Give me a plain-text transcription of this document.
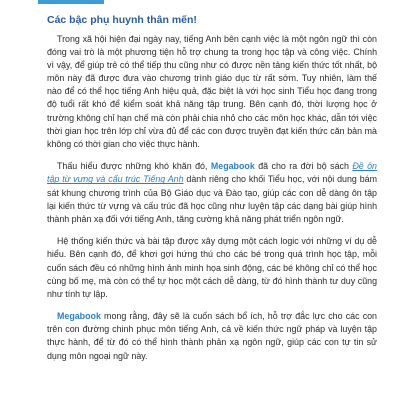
Các bậc phụ huynh thân mến!

Trong xã hội hiện đại ngày nay, tiếng Anh bên cạnh việc là một ngôn ngữ thì còn đóng vai trò là một phương tiện hỗ trợ chung ta trong học tập và công việc. Chính vì vậy, để giúp trẻ có thể tiếp thu cũng như có được nền tảng kiến thức tốt nhất, bộ môn này đã được đưa vào chương trình giáo dục từ rất sớm. Tuy nhiên, làm thế nào để có thể học tiếng Anh hiệu quả, đặc biệt là với học sinh Tiểu học đang trong độ tuổi rất khó để kiểm soát khả năng tập trung. Bên cạnh đó, thời lượng học ở trường không chỉ hạn chế mà còn phải chia nhỏ cho các môn học khác, dẫn tới việc thời gian học trên lớp chỉ vừa đủ để các con được truyền đạt kiến thức căn bản mà không có thời gian cho việc thực hành.

Thấu hiểu được những khó khăn đó, Megabook đã cho ra đời bộ sách Đề ôn tập từ vựng và cấu trúc Tiếng Anh dành riêng cho khối Tiểu học, với nội dung bám sát khung chương trình của Bộ Giáo dục và Đào tạo, giúp các con dễ dàng ôn tập lại kiến thức từ vựng và cấu trúc đã học cũng như luyện tập các dạng bài giúp hình thành phản xạ đối với tiếng Anh, tăng cường khả năng phát triển ngôn ngữ.

Hệ thống kiến thức và bài tập được xây dựng một cách logic với những ví dụ dễ hiểu. Bên cạnh đó, để khơi gợi hứng thú cho các bé trong quá trình học tập, mỗi cuốn sách đều có những hình ảnh minh họa sinh động, các bé không chỉ có thể học cùng bố mẹ, mà còn có thể tự học một cách dễ dàng, từ đó hình thành tư duy cũng như tính tự lập.

Megabook mong rằng, đây sẽ là cuốn sách bổ ích, hỗ trợ đắc lực cho các con trên con đường chinh phục môn tiếng Anh, cả về kiến thức ngữ pháp và luyện tập thực hành, để từ đó có thể hình thành phản xạ ngôn ngữ, giúp các con tự tin sử dụng môn ngoại ngữ này.
